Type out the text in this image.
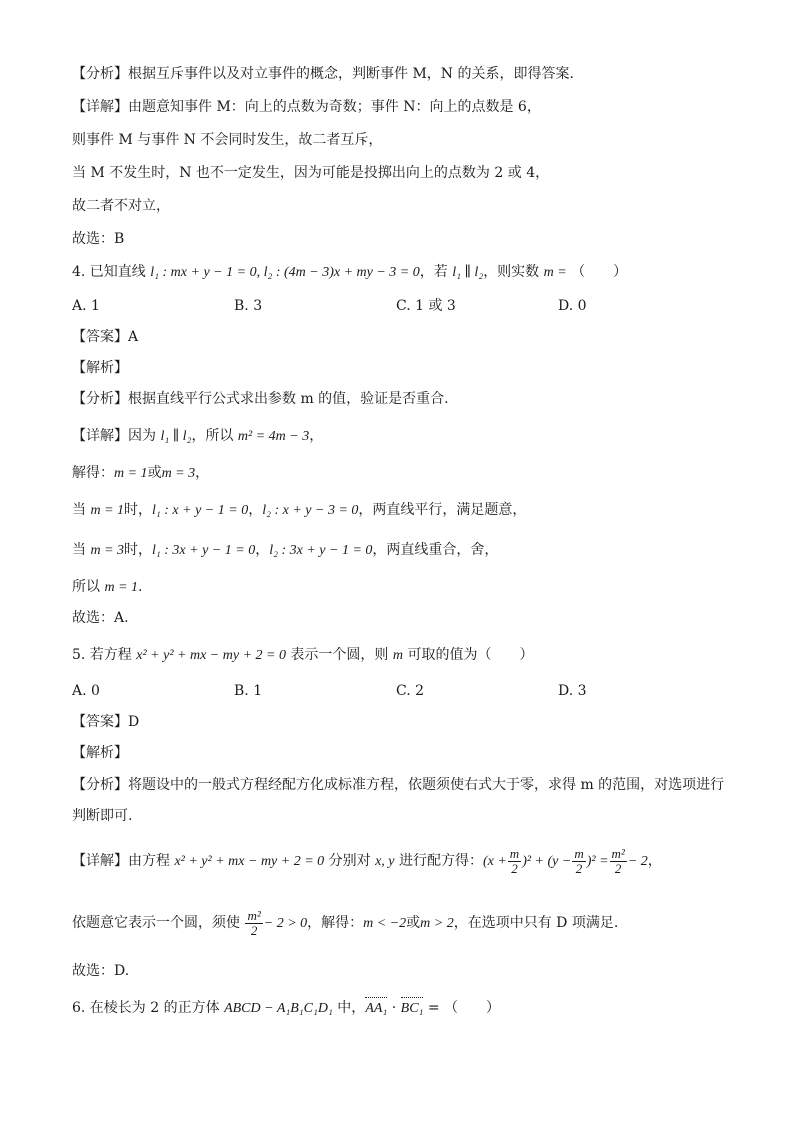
【分析】根据互斥事件以及对立事件的概念，判断事件 M，N 的关系，即得答案.
【详解】由题意知事件 M：向上的点数为奇数；事件 N：向上的点数是 6，
则事件 M 与事件 N 不会同时发生，故二者互斥，
当 M 不发生时，N 也不一定发生，因为可能是投掷出向上的点数为 2 或 4，
故二者不对立，
故选：B
4. 已知直线 l₁ : mx + y − 1 = 0, l₂ : (4m − 3)x + my − 3 = 0，若 l₁ ∥ l₂，则实数 m = （　　）
A. 1	B. 3	C. 1 或 3	D. 0
【答案】A
【解析】
【分析】根据直线平行公式求出参数 m 的值，验证是否重合.
【详解】因为 l₁ ∥ l₂，所以 m² = 4m − 3，
解得：m = 1或m = 3，
当 m = 1时，l₁ : x + y − 1 = 0，l₂ : x + y − 3 = 0，两直线平行，满足题意，
当 m = 3时，l₁ : 3x + y − 1 = 0，l₂ : 3x + y − 1 = 0，两直线重合，舍，
所以 m = 1.
故选：A.
5. 若方程 x² + y² + mx − my + 2 = 0 表示一个圆，则 m 可取的值为（　　）
A. 0	B. 1	C. 2	D. 3
【答案】D
【解析】
【分析】将题设中的一般式方程经配方化成标准方程，依题须使右式大于零，求得 m 的范围，对选项进行
判断即可.
【详解】由方程 x² + y² + mx − my + 2 = 0 分别对 x, y 进行配方得：$(x + \frac{m}{2} )^2 + (y - \frac{m}{2} )^2 = \frac{\text{m²}}{2} - 2$，
依题意它表示一个圆，须使 $\frac{\text{m²}}{2} - 2 > 0$，解得：m < −2或m > 2，在选项中只有 D 项满足.
故选：D.
6. 在棱长为 2 的正方体 ABCD − A₁B₁C₁D₁ 中，AA₁ · BC₁ = （　　）
